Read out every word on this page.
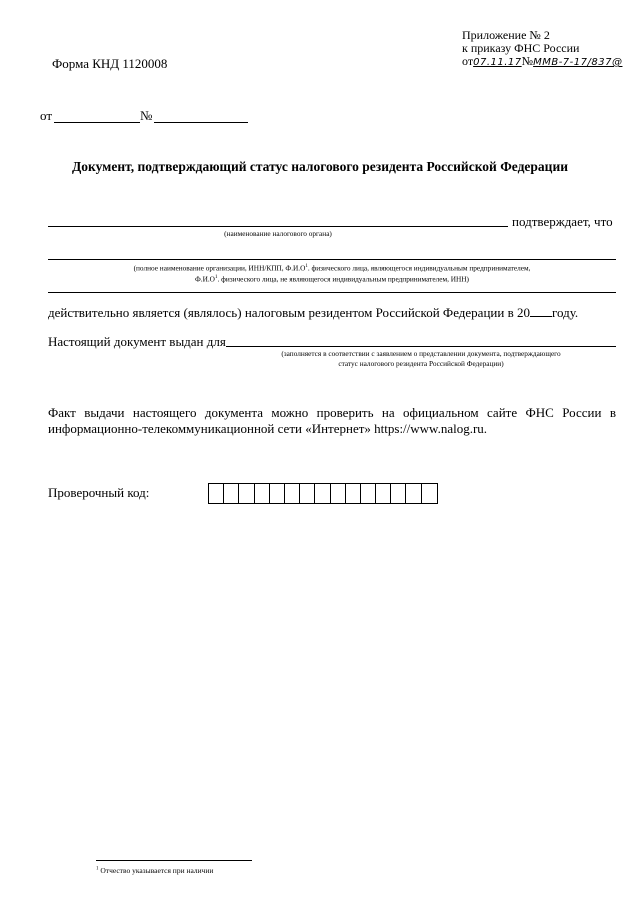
Приложение № 2
к приказу ФНС России
от07.11.17№ММВ-7-17/837@
Форма КНД 1120008
от	№
Документ, подтверждающий статус налогового резидента Российской Федерации
подтверждает, что
(наименование налогового органа)
(полное наименование организации, ИНН/КПП, $Ф.И.О^1$. физического лица, являющегося индивидуальным предпринимателем,
$Ф.И.О^1$. физического лица, не являющегося индивидуальным предпринимателем, ИНН)
действительно является (являлось) налоговым резидентом Российской Федерации в 20 году.
Настоящий документ выдан для
(заполняется в соответствии с заявлением о представлении документа, подтверждающего
статус налогового резидента Российской Федерации)
Факт выдачи настоящего документа можно проверить на официальном сайте ФНС России в
информационно-телекоммуникационной сети «Интернет» https://www.nalog.ru.
Проверочный код:
$^1$ Отчество указывается при наличии
